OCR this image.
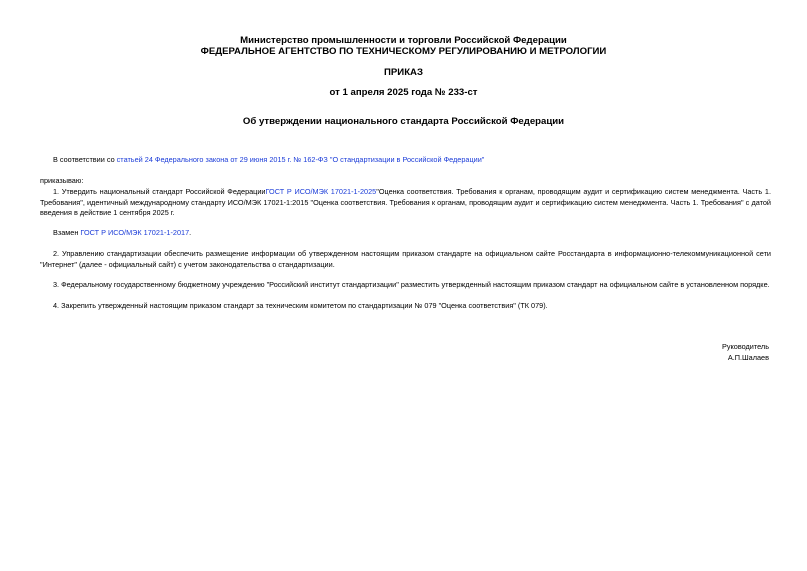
Министерство промышленности и торговли Российской Федерации
ФЕДЕРАЛЬНОЕ АГЕНТСТВО ПО ТЕХНИЧЕСКОМУ РЕГУЛИРОВАНИЮ И МЕТРОЛОГИИ
ПРИКАЗ
от 1 апреля 2025 года № 233-ст
Об утверждении национального стандарта Российской Федерации
В соответствии со статьей 24 Федерального закона от 29 июня 2015 г. № 162-ФЗ "О стандартизации в Российской Федерации"
приказываю:
1. Утвердить национальный стандарт Российской ФедерацииГОСТ Р ИСО/МЭК 17021-1-2025"Оценка соответствия. Требования к органам, проводящим аудит и сертификацию систем менеджмента. Часть 1. Требования", идентичный международному стандарту ИСО/МЭК 17021-1:2015 "Оценка соответствия. Требования к органам, проводящим аудит и сертификацию систем менеджмента. Часть 1. Требования" с датой введения в действие 1 сентября 2025 г.
Взамен ГОСТ Р ИСО/МЭК 17021-1-2017.
2. Управлению стандартизации обеспечить размещение информации об утвержденном настоящим приказом стандарте на официальном сайте Росстандарта в информационно-телекоммуникационной сети "Интернет" (далее - официальный сайт) с учетом законодательства о стандартизации.
3. Федеральному государственному бюджетному учреждению "Российский институт стандартизации" разместить утвержденный настоящим приказом стандарт на официальном сайте в установленном порядке.
4. Закрепить утвержденный настоящим приказом стандарт за техническим комитетом по стандартизации № 079 "Оценка соответствия" (ТК 079).
Руководитель
А.П.Шалаев
